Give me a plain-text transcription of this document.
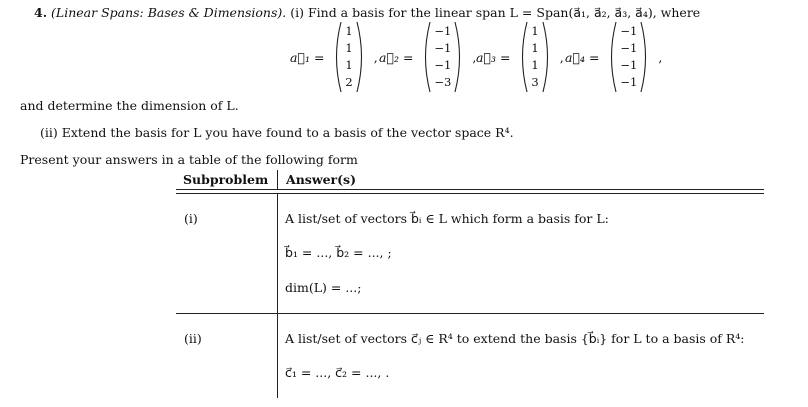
4. (Linear Spans: Bases & Dimensions). (i) Find a basis for the linear span L = Span(a⃗₁, a⃗₂, a⃗₃, a⃗₄), where
a⃗₁ =
1
1
1
2
, a⃗₂ =
−1
−1
−1
−3
, a⃗₃ =
1
1
1
3
, a⃗₄ =
−1
−1
−1
−1
,
and determine the dimension of L.
(ii) Extend the basis for L you have found to a basis of the vector space R⁴.
Present your answers in a table of the following form
Subproblem Answer(s)
(i)	A list/set of vectors b⃗ᵢ ∈ L which form a basis for L:
b⃗₁ = ..., b⃗₂ = ..., ;
dim(L) = ...;
(ii)	A list/set of vectors c⃗ⱼ ∈ R⁴ to extend the basis {b⃗ᵢ} for L to a basis of R⁴:
c⃗₁ = ..., c⃗₂ = ..., .
